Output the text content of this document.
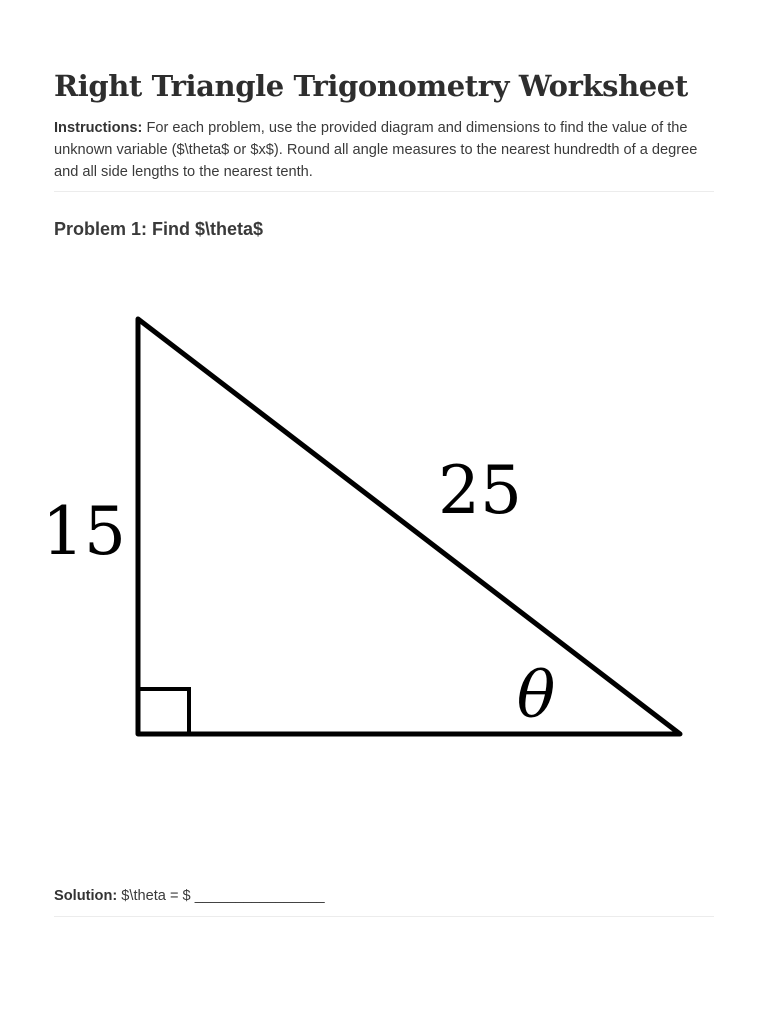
Right Triangle Trigonometry Worksheet

Instructions: For each problem, use the provided diagram and dimensions to find the value of the unknown variable ($\theta$ or $x$). Round all angle measures to the nearest hundredth of a degree and all side lengths to the nearest tenth.

Problem 1: Find $\theta$
15
25
θ

Solution: $\theta = $ ________________
